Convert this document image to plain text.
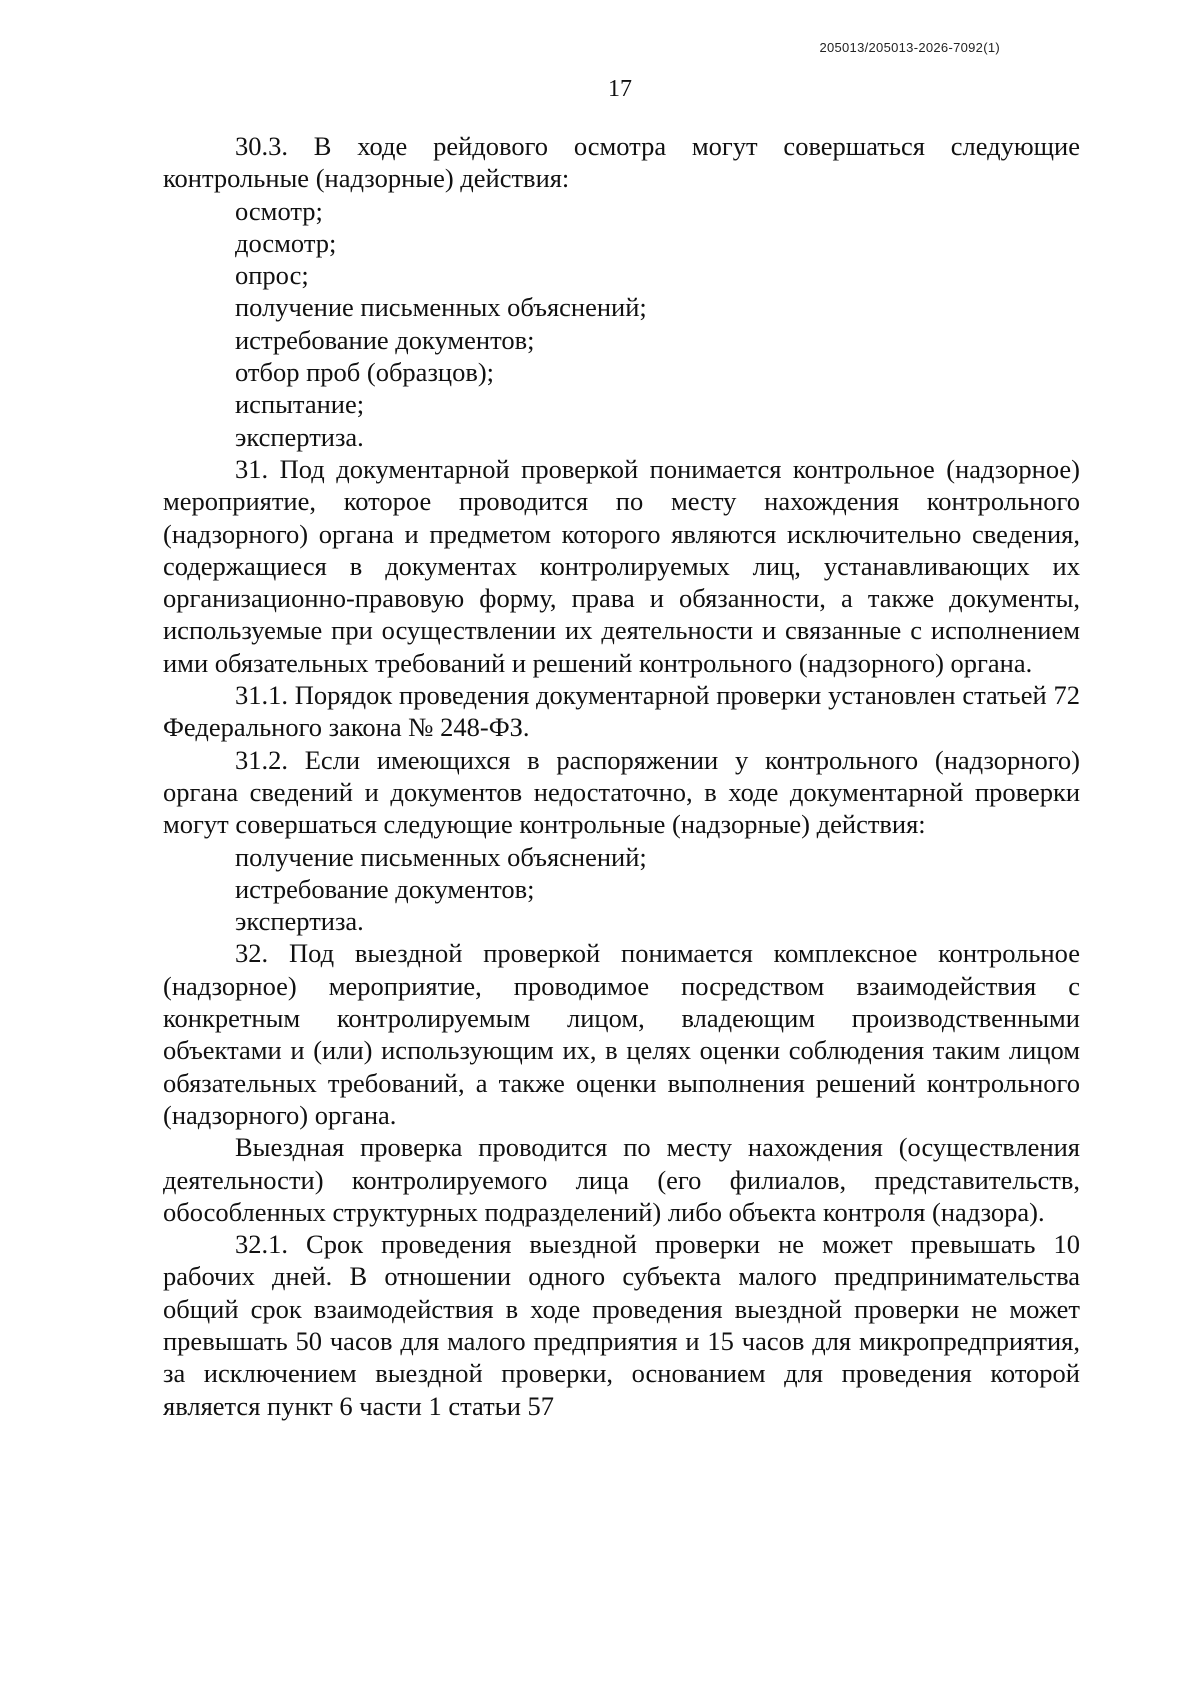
205013/205013-2026-7092(1)
17

30.3. В ходе рейдового осмотра могут совершаться следующие контрольные (надзорные) действия:

осмотр;

досмотр;

опрос;

получение письменных объяснений;

истребование документов;

отбор проб (образцов);

испытание;

экспертиза.

31. Под документарной проверкой понимается контрольное (надзорное) мероприятие, которое проводится по месту нахождения контрольного (надзорного) органа и предметом которого являются исключительно сведения, содержащиеся в документах контролируемых лиц, устанавливающих их организационно-правовую форму, права и обязанности, а также документы, используемые при осуществлении их деятельности и связанные с исполнением ими обязательных требований и решений контрольного (надзорного) органа.

31.1. Порядок проведения документарной проверки установлен статьей 72 Федерального закона № 248-ФЗ.

31.2. Если имеющихся в распоряжении у контрольного (надзорного) органа сведений и документов недостаточно, в ходе документарной проверки могут совершаться следующие контрольные (надзорные) действия:

получение письменных объяснений;

истребование документов;

экспертиза.

32. Под выездной проверкой понимается комплексное контрольное (надзорное) мероприятие, проводимое посредством взаимодействия с конкретным контролируемым лицом, владеющим производственными объектами и (или) использующим их, в целях оценки соблюдения таким лицом обязательных требований, а также оценки выполнения решений контрольного (надзорного) органа.

Выездная проверка проводится по месту нахождения (осуществления деятельности) контролируемого лица (его филиалов, представительств, обособленных структурных подразделений) либо объекта контроля (надзора).

32.1. Срок проведения выездной проверки не может превышать 10 рабочих дней. В отношении одного субъекта малого предпринимательства общий срок взаимодействия в ходе проведения выездной проверки не может превышать 50 часов для малого предприятия и 15 часов для микропредприятия, за исключением выездной проверки, основанием для проведения которой является пункт 6 части 1 статьи 57
